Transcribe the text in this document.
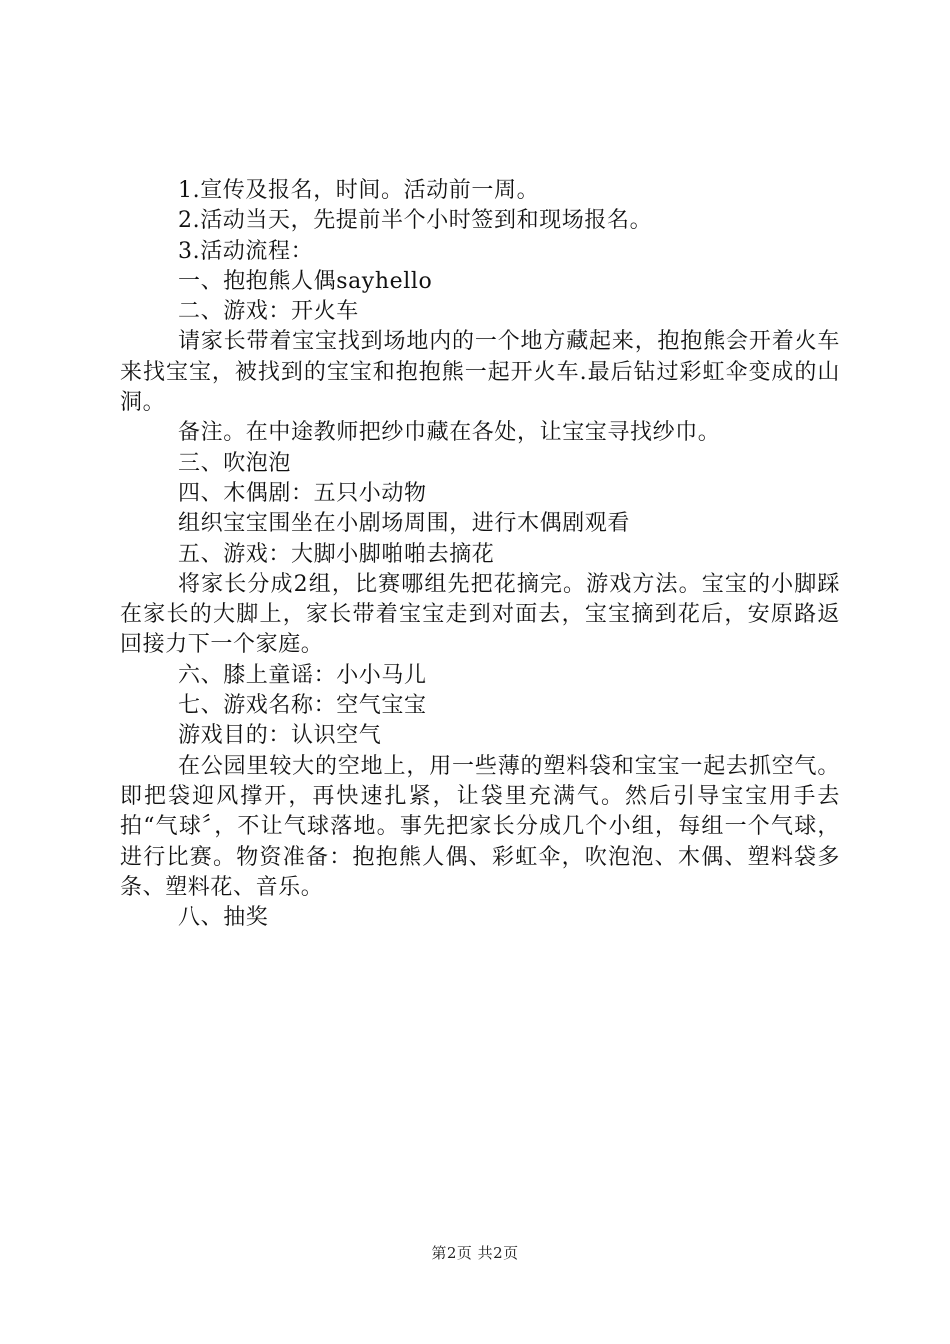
1.宣传及报名，时间。活动前一周。

2.活动当天，先提前半个小时签到和现场报名。

3.活动流程：

一、抱抱熊人偶sayhello

二、游戏：开火车

请家长带着宝宝找到场地内的一个地方藏起来，抱抱熊会开着火车来找宝宝，被找到的宝宝和抱抱熊一起开火车.最后钻过彩虹伞变成的山洞。

备注。在中途教师把纱巾藏在各处，让宝宝寻找纱巾。

三、吹泡泡

四、木偶剧：五只小动物

组织宝宝围坐在小剧场周围，进行木偶剧观看

五、游戏：大脚小脚啪啪去摘花

将家长分成2组，比赛哪组先把花摘完。游戏方法。宝宝的小脚踩在家长的大脚上，家长带着宝宝走到对面去，宝宝摘到花后，安原路返回接力下一个家庭。

六、膝上童谣：小小马儿

七、游戏名称：空气宝宝

游戏目的：认识空气

在公园里较大的空地上，用一些薄的塑料袋和宝宝一起去抓空气。即把袋迎风撑开，再快速扎紧，让袋里充满气。然后引导宝宝用手去拍“气球〞，不让气球落地。事先把家长分成几个小组，每组一个气球，进行比赛。物资准备：抱抱熊人偶、彩虹伞，吹泡泡、木偶、塑料袋多条、塑料花、音乐。

八、抽奖

第2页 共2页
